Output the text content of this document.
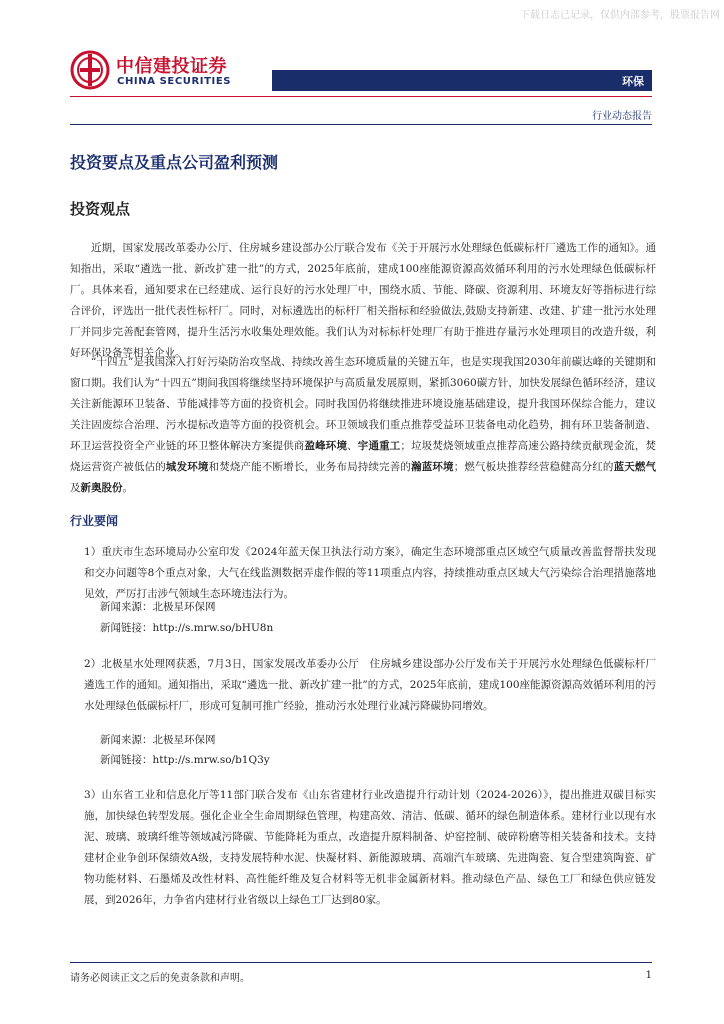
下载日志已记录，仅供内部参考，股票报告网
中信建投证券
CHINA SECURITIES	环保
行业动态报告
投资要点及重点公司盈利预测
投资观点

近期，国家发展改革委办公厅、住房城乡建设部办公厅联合发布《关于开展污水处理绿色低碳标杆厂遴选工作的通知》。通知指出，采取“遴选一批、新改扩建一批”的方式，2025年底前，建成100座能源资源高效循环利用的污水处理绿色低碳标杆厂。具体来看，通知要求在已经建成、运行良好的污水处理厂中，围绕水质、节能、降碳、资源利用、环境友好等指标进行综合评价，评选出一批代表性标杆厂。同时，对标遴选出的标杆厂相关指标和经验做法,鼓励支持新建、改建、扩建一批污水处理厂并同步完善配套管网，提升生活污水收集处理效能。我们认为对标标杆处理厂有助于推进存量污水处理项目的改造升级，利好环保设备等相关企业。

“十四五”是我国深入打好污染防治攻坚战、持续改善生态环境质量的关键五年，也是实现我国2030年前碳达峰的关键期和窗口期。我们认为“十四五”期间我国将继续坚持环境保护与高质量发展原则，紧抓3060碳方针，加快发展绿色循环经济，建议关注新能源环卫装备、节能减排等方面的投资机会。同时我国仍将继续推进环境设施基础建设，提升我国环保综合能力，建议关注固废综合治理、污水提标改造等方面的投资机会。环卫领域我们重点推荐受益环卫装备电动化趋势，拥有环卫装备制造、环卫运营投资全产业链的环卫整体解决方案提供商盈峰环境、宇通重工；垃圾焚烧领域重点推荐高速公路持续贡献现金流，焚烧运营资产被低估的城发环境和焚烧产能不断增长，业务布局持续完善的瀚蓝环境；燃气板块推荐经营稳健高分红的蓝天燃气及新奥股份。

行业要闻

1）重庆市生态环境局办公室印发《2024年蓝天保卫执法行动方案》，确定生态环境部重点区域空气质量改善监督帮扶发现和交办问题等8个重点对象，大气在线监测数据弄虚作假的等11项重点内容，持续推动重点区域大气污染综合治理措施落地见效，严厉打击涉气领域生态环境违法行为。

新闻来源：北极星环保网
新闻链接：http://s.mrw.so/bHU8n

2）北极星水处理网获悉，7月3日，国家发展改革委办公厅　住房城乡建设部办公厅发布关于开展污水处理绿色低碳标杆厂遴选工作的通知。通知指出，采取“遴选一批、新改扩建一批”的方式，2025年底前，建成100座能源资源高效循环利用的污水处理绿色低碳标杆厂，形成可复制可推广经验，推动污水处理行业减污降碳协同增效。

新闻来源：北极星环保网
新闻链接：http://s.mrw.so/b1Q3y

3）山东省工业和信息化厅等11部门联合发布《山东省建材行业改造提升行动计划（2024-2026）》，提出推进双碳目标实施，加快绿色转型发展。强化企业全生命周期绿色管理，构建高效、清洁、低碳、循环的绿色制造体系。建材行业以现有水泥、玻璃、玻璃纤维等领域减污降碳、节能降耗为重点，改造提升原料制备、炉窑控制、破碎粉磨等相关装备和技术。支持建材企业争创环保绩效A级，支持发展特种水泥、快凝材料、新能源玻璃、高端汽车玻璃、先进陶瓷、复合型建筑陶瓷、矿物功能材料、石墨烯及改性材料、高性能纤维及复合材料等无机非金属新材料。推动绿色产品、绿色工厂和绿色供应链发展，到2026年，力争省内建材行业省级以上绿色工厂达到80家。

请务必阅读正文之后的免责条款和声明。	1
